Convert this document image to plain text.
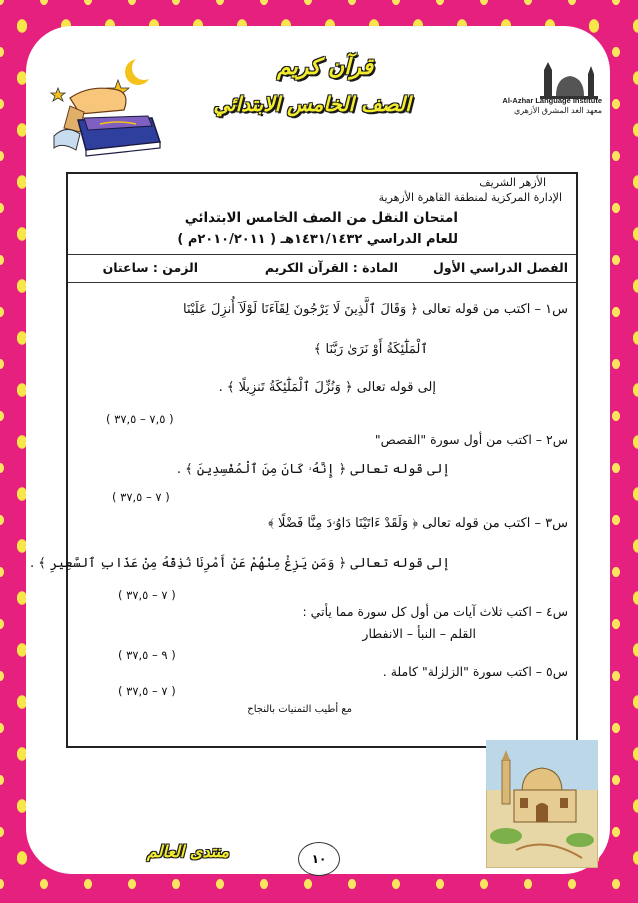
قرآن كريم
الصف الخامس الابتدائي	Al-Azhar Language Institute
معهد الغد المشرق الأزهري
الأزهر الشريف
الإدارة المركزية لمنطقة القاهرة الأزهرية
امتحان النقل من الصف الخامس الابتدائي
للعام الدراسي ١٤٣١/١٤٣٢هـ ( ٢٠١٠/٢٠١١م )
الفصل الدراسي الأول
المادة : القرآن الكريم
الزمن : ساعتان
س١ – اكتب من قوله تعالى ﴿ وَقَالَ ٱلَّذِينَ لَا يَرْجُونَ لِقَآءَنَا لَوْلَآ أُنزِلَ عَلَيْنَا
ٱلْمَلَٰٓئِكَةُ أَوْ نَرَىٰ رَبَّنَا ﴾
إلى قوله تعالى ﴿ وَنُزِّلَ ٱلْمَلَٰٓئِكَةُ تَنزِيلًا ﴾ .
( ٧,٥ – ٣٧,٥ )
س٢ – اكتب من أول سورة "القصص"
إلى قوله تعالى ﴿ إِنَّهُۥ كَانَ مِنَ ٱلْمُفْسِدِينَ ﴾ .
( ٧ – ٣٧,٥ )
س٣ – اكتب من قوله تعالى ﴿ وَلَقَدْ ءَاتَيْنَا دَاوُۥدَ مِنَّا فَضْلًا ﴾
إلى قوله تعالى ﴿ وَمَن يَزِغْ مِنْهُمْ عَنْ أَمْرِنَا نُذِقْهُ مِنْ عَذَابِ ٱلسَّعِيرِ ﴾ .
( ٧ – ٣٧,٥ )
س٤ – اكتب ثلاث آيات من أول كل سورة مما يأتي :
القلم – النبأ – الانفطار
( ٩ – ٣٧,٥ )
س٥ – اكتب سورة "الزلزلة" كاملة .
( ٧ – ٣٧,٥ )
مع أطيب التمنيات بالنجاح
١٠
منتدى العالم
